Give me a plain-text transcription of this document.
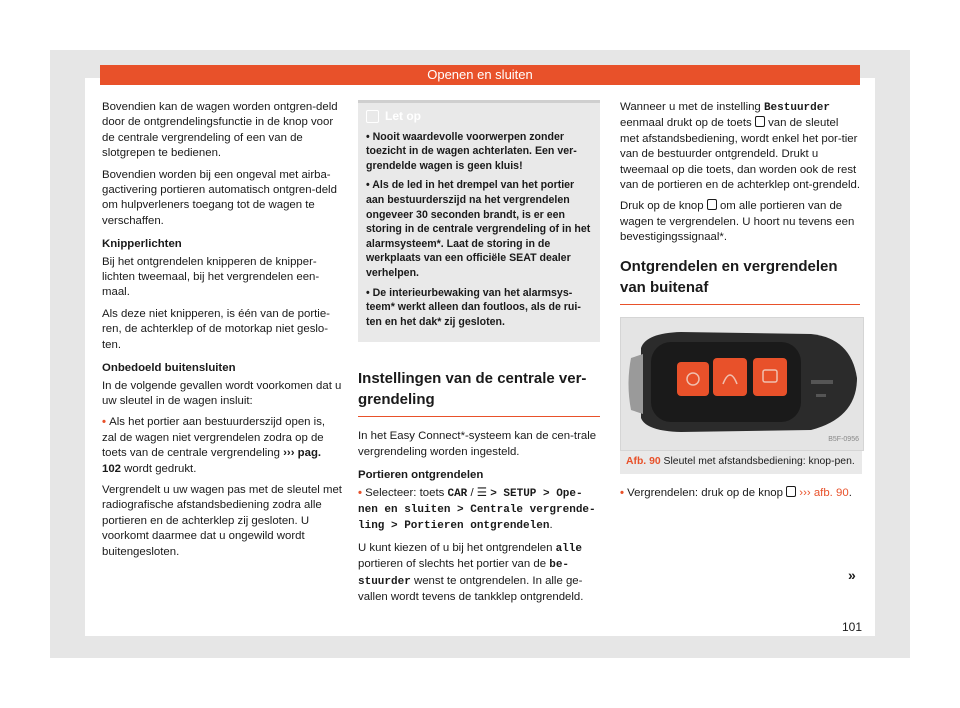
Openen en sluiten

Bovendien kan de wagen worden ontgren-deld door de ontgrendelingsfunctie in de knop voor de centrale vergrendeling of een van de slotgrepen te bedienen.

Bovendien worden bij een ongeval met airba-gactivering portieren automatisch ontgren-deld om hulpverleners toegang tot de wagen te verschaffen.

Knipperlichten

Bij het ontgrendelen knipperen de knipper-lichten tweemaal, bij het vergrendelen een-maal.

Als deze niet knipperen, is één van de portie-ren, de achterklep of de motorkap niet geslo-ten.

Onbedoeld buitensluiten

In de volgende gevallen wordt voorkomen dat u uw sleutel in de wagen insluit:

• Als het portier aan bestuurderszijd open is, zal de wagen niet vergrendelen zodra op de toets van de centrale vergrendeling ››› pag. 102 wordt gedrukt.

Vergrendelt u uw wagen pas met de sleutel met radiografische afstandsbediening zodra alle portieren en de achterklep zij gesloten. U voorkomt daarmee dat u ongewild wordt buitengesloten.

Let op

• Nooit waardevolle voorwerpen zonder toezicht in de wagen achterlaten. Een ver-grendelde wagen is geen kluis!

• Als de led in het drempel van het portier aan bestuurderszijd na het vergrendelen ongeveer 30 seconden brandt, is er een storing in de centrale vergrendeling of in het alarmsysteem*. Laat de storing in de werkplaats van een officiële SEAT dealer verhelpen.

• De interieurbewaking van het alarmsys-teem* werkt alleen dan foutloos, als de rui-ten en het dak* zij gesloten.

Instellingen van de centrale ver-grendeling

In het Easy Connect*-systeem kan de cen-trale vergrendeling worden ingesteld.

Portieren ontgrendelen

• Selecteer: toets CAR / ☰ > SETUP > Ope-nen en sluiten > Centrale vergrende-ling > Portieren ontgrendelen.

U kunt kiezen of u bij het ontgrendelen alle portieren of slechts het portier van de be-stuurder wenst te ontgrendelen. In alle ge-vallen wordt tevens de tankklep ontgrendeld.

Wanneer u met de instelling Bestuurder eenmaal drukt op de toets van de sleutel met afstandsbediening, wordt enkel het por-tier van de bestuurder ontgrendeld. Drukt u tweemaal op die toets, dan worden ook de rest van de portieren en de achterklep ont-grendeld.

Druk op de knop om alle portieren van de wagen te vergrendelen. U hoort nu tevens een bevestigingssignaal*.

Ontgrendelen en vergrendelen van buitenaf
B5F-0956
Afb. 90 Sleutel met afstandsbediening: knop-pen.

• Vergrendelen: druk op de knop ››› afb. 90.

»
101
